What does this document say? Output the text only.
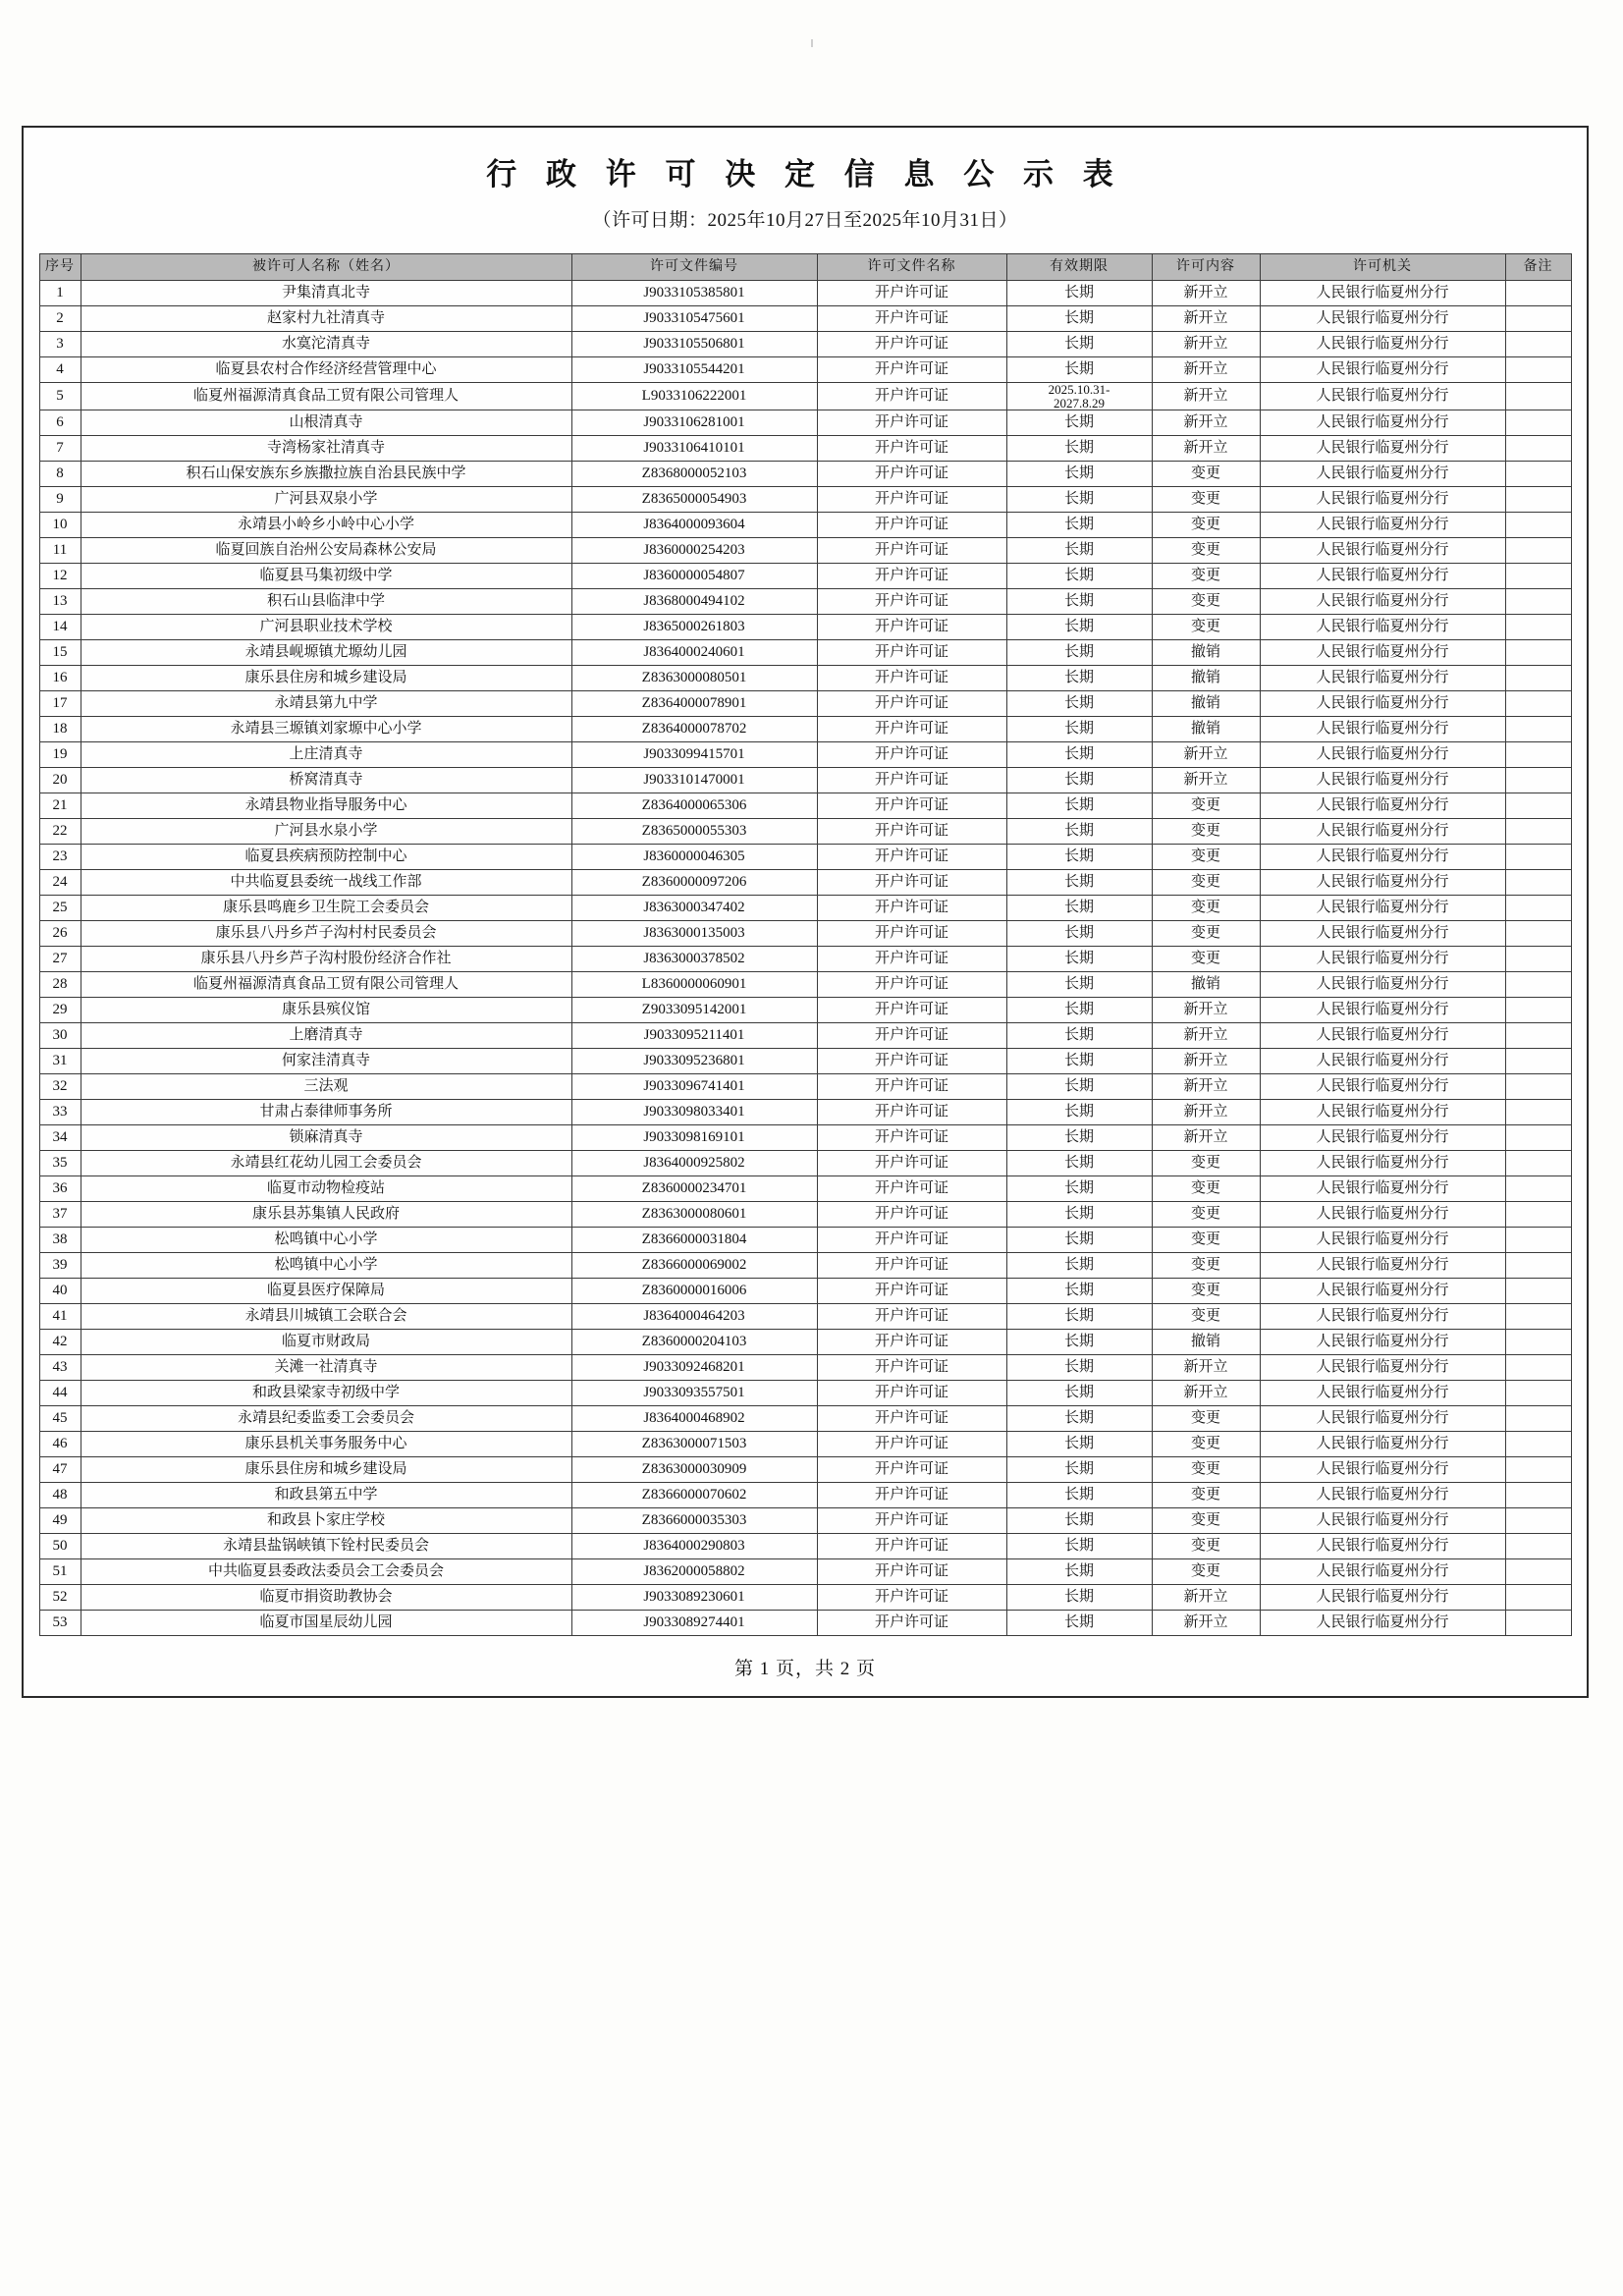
行 政 许 可 决 定 信 息 公 示 表
（许可日期：2025年10月27日至2025年10月31日）
序号	被许可人名称（姓名）	许可文件编号	许可文件名称	有效期限	许可内容	许可机关	备注
1	尹集清真北寺	J9033105385801	开户许可证	长期	新开立	人民银行临夏州分行	
2	赵家村九社清真寺	J9033105475601	开户许可证	长期	新开立	人民银行临夏州分行	
3	水寞沱清真寺	J9033105506801	开户许可证	长期	新开立	人民银行临夏州分行	
4	临夏县农村合作经济经营管理中心	J9033105544201	开户许可证	长期	新开立	人民银行临夏州分行	
5	临夏州福源清真食品工贸有限公司管理人	L9033106222001	开户许可证	2025.10.31-
2027.8.29	新开立	人民银行临夏州分行	
6	山根清真寺	J9033106281001	开户许可证	长期	新开立	人民银行临夏州分行	
7	寺湾杨家社清真寺	J9033106410101	开户许可证	长期	新开立	人民银行临夏州分行	
8	积石山保安族东乡族撒拉族自治县民族中学	Z8368000052103	开户许可证	长期	变更	人民银行临夏州分行	
9	广河县双泉小学	Z8365000054903	开户许可证	长期	变更	人民银行临夏州分行	
10	永靖县小岭乡小岭中心小学	J8364000093604	开户许可证	长期	变更	人民银行临夏州分行	
11	临夏回族自治州公安局森林公安局	J8360000254203	开户许可证	长期	变更	人民银行临夏州分行	
12	临夏县马集初级中学	J8360000054807	开户许可证	长期	变更	人民银行临夏州分行	
13	积石山县临津中学	J8368000494102	开户许可证	长期	变更	人民银行临夏州分行	
14	广河县职业技术学校	J8365000261803	开户许可证	长期	变更	人民银行临夏州分行	
15	永靖县岘塬镇尤塬幼儿园	J8364000240601	开户许可证	长期	撤销	人民银行临夏州分行	
16	康乐县住房和城乡建设局	Z8363000080501	开户许可证	长期	撤销	人民银行临夏州分行	
17	永靖县第九中学	Z8364000078901	开户许可证	长期	撤销	人民银行临夏州分行	
18	永靖县三塬镇刘家塬中心小学	Z8364000078702	开户许可证	长期	撤销	人民银行临夏州分行	
19	上庄清真寺	J9033099415701	开户许可证	长期	新开立	人民银行临夏州分行	
20	桥窝清真寺	J9033101470001	开户许可证	长期	新开立	人民银行临夏州分行	
21	永靖县物业指导服务中心	Z8364000065306	开户许可证	长期	变更	人民银行临夏州分行	
22	广河县水泉小学	Z8365000055303	开户许可证	长期	变更	人民银行临夏州分行	
23	临夏县疾病预防控制中心	J8360000046305	开户许可证	长期	变更	人民银行临夏州分行	
24	中共临夏县委统一战线工作部	Z8360000097206	开户许可证	长期	变更	人民银行临夏州分行	
25	康乐县鸣鹿乡卫生院工会委员会	J8363000347402	开户许可证	长期	变更	人民银行临夏州分行	
26	康乐县八丹乡芦子沟村村民委员会	J8363000135003	开户许可证	长期	变更	人民银行临夏州分行	
27	康乐县八丹乡芦子沟村股份经济合作社	J8363000378502	开户许可证	长期	变更	人民银行临夏州分行	
28	临夏州福源清真食品工贸有限公司管理人	L8360000060901	开户许可证	长期	撤销	人民银行临夏州分行	
29	康乐县殡仪馆	Z9033095142001	开户许可证	长期	新开立	人民银行临夏州分行	
30	上磨清真寺	J9033095211401	开户许可证	长期	新开立	人民银行临夏州分行	
31	何家洼清真寺	J9033095236801	开户许可证	长期	新开立	人民银行临夏州分行	
32	三法观	J9033096741401	开户许可证	长期	新开立	人民银行临夏州分行	
33	甘肃占泰律师事务所	J9033098033401	开户许可证	长期	新开立	人民银行临夏州分行	
34	锁麻清真寺	J9033098169101	开户许可证	长期	新开立	人民银行临夏州分行	
35	永靖县红花幼儿园工会委员会	J8364000925802	开户许可证	长期	变更	人民银行临夏州分行	
36	临夏市动物检疫站	Z8360000234701	开户许可证	长期	变更	人民银行临夏州分行	
37	康乐县苏集镇人民政府	Z8363000080601	开户许可证	长期	变更	人民银行临夏州分行	
38	松鸣镇中心小学	Z8366000031804	开户许可证	长期	变更	人民银行临夏州分行	
39	松鸣镇中心小学	Z8366000069002	开户许可证	长期	变更	人民银行临夏州分行	
40	临夏县医疗保障局	Z8360000016006	开户许可证	长期	变更	人民银行临夏州分行	
41	永靖县川城镇工会联合会	J8364000464203	开户许可证	长期	变更	人民银行临夏州分行	
42	临夏市财政局	Z8360000204103	开户许可证	长期	撤销	人民银行临夏州分行	
43	关滩一社清真寺	J9033092468201	开户许可证	长期	新开立	人民银行临夏州分行	
44	和政县梁家寺初级中学	J9033093557501	开户许可证	长期	新开立	人民银行临夏州分行	
45	永靖县纪委监委工会委员会	J8364000468902	开户许可证	长期	变更	人民银行临夏州分行	
46	康乐县机关事务服务中心	Z8363000071503	开户许可证	长期	变更	人民银行临夏州分行	
47	康乐县住房和城乡建设局	Z8363000030909	开户许可证	长期	变更	人民银行临夏州分行	
48	和政县第五中学	Z8366000070602	开户许可证	长期	变更	人民银行临夏州分行	
49	和政县卜家庄学校	Z8366000035303	开户许可证	长期	变更	人民银行临夏州分行	
50	永靖县盐锅峡镇下铨村民委员会	J8364000290803	开户许可证	长期	变更	人民银行临夏州分行	
51	中共临夏县委政法委员会工会委员会	J8362000058802	开户许可证	长期	变更	人民银行临夏州分行	
52	临夏市捐资助教协会	J9033089230601	开户许可证	长期	新开立	人民银行临夏州分行	
53	临夏市国星辰幼儿园	J9033089274401	开户许可证	长期	新开立	人民银行临夏州分行	
第 1 页，共 2 页
